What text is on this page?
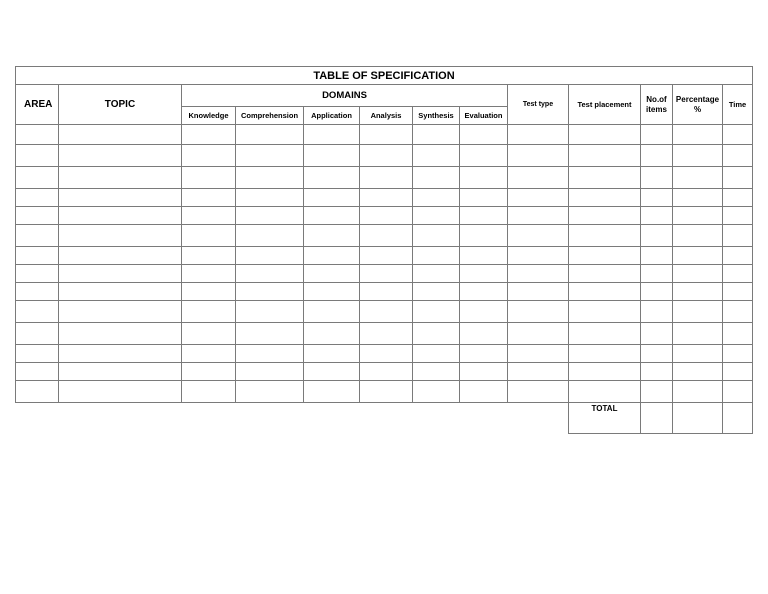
TABLE OF SPECIFICATION												
AREA	TOPIC	DOMAINS						Test type	Test placement	No.of items	Percentage %	Time
		Knowledge	Comprehension	Application	Analysis	Synthesis	Evaluation					

									TOTAL			
